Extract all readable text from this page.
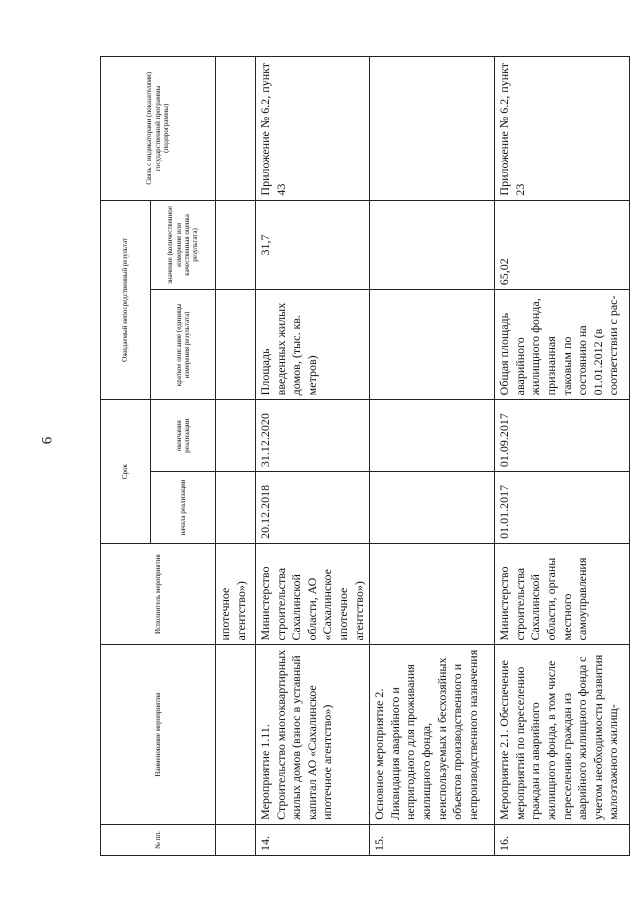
6
№ пп.	Наименование мероприятия	Исполнитель мероприятия	Срок		Ожидаемый непосредственный результат		Связь с индикаторами (показателями) государственной программы (подпрограммы)
			начала реализации	окончания реализации	краткое описание (единицы измерения результата)	значение (количественное измерение или качественная оценка результата)	
		ипотечное агентство»)					
14.	Мероприятие 1.11. Строительство многоквартирных жилых домов (взнос в уставный капитал АО «Сахалинское ипотечное агентство»)	Министерство строительства Сахалинской области, АО «Сахалинское ипотечное агентство»)	20.12.2018	31.12.2020	Площадь введенных жилых домов, (тыс. кв. метров)	31,7	Приложение № 6.2, пункт 43
15.	Основное мероприятие 2. Ликвидация аварийного и непригодного для проживания жилищного фонда, неиспользуемых и бесхозяйных объектов производственного и непроизводственного назначения						
16.	Мероприятие 2.1. Обеспечение мероприятий по переселению граждан из аварийного жилищного фонда, в том числе переселению граждан из аварийного жилищного фонда с учетом необходимости развития малоэтажного жилищ-	Министерство строительства Сахалинской области, органы местного самоуправления	01.01.2017	01.09.2017	Общая площадь аварийного жилищного фонда, признанная таковым по состоянию на 01.01.2012 (в соответствии с рас-	65,02	Приложение № 6.2, пункт 23
